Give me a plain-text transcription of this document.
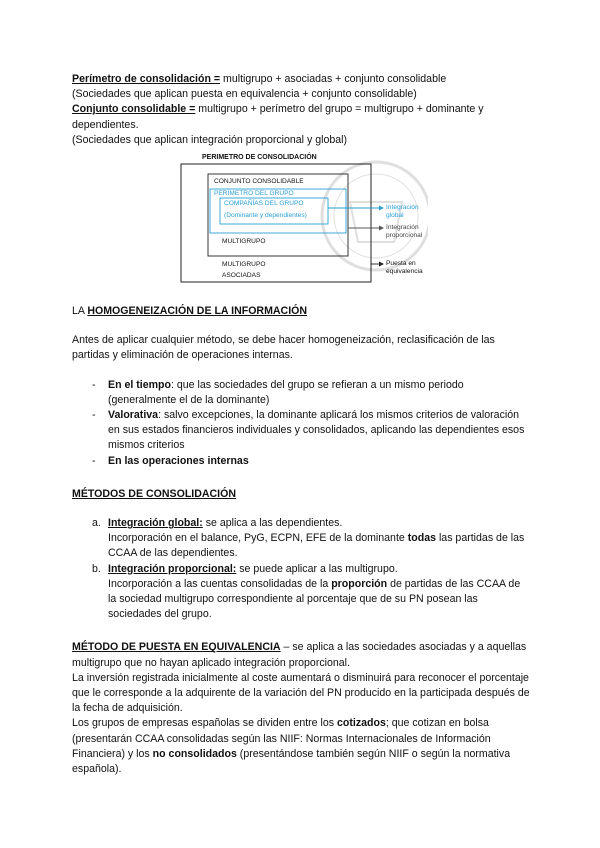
Perímetro de consolidación = multigrupo + asociadas + conjunto consolidable

(Sociedades que aplican puesta en equivalencia + conjunto consolidable)

Conjunto consolidable = multigrupo + perímetro del grupo = multigrupo + dominante y dependientes.

(Sociedades que aplican integración proporcional y global)

PERIMETRO DE CONSOLIDACIÓN
CONJUNTO CONSOLIDABLE
PERIMETRO DEL GRUPO
COMPAÑÍAS DEL GRUPO
(Dominante y dependientes)
MULTIGRUPO
MULTIGRUPO
ASOCIADAS
Integración global
Integración proporcional
Puesta en equivalencia

LA HOMOGENEIZACIÓN DE LA INFORMACIÓN

Antes de aplicar cualquier método, se debe hacer homogeneización, reclasificación de las partidas y eliminación de operaciones internas.

- En el tiempo: que las sociedades del grupo se refieran a un mismo periodo (generalmente el de la dominante)
- Valorativa: salvo excepciones, la dominante aplicará los mismos criterios de valoración en sus estados financieros individuales y consolidados, aplicando las dependientes esos mismos criterios
- En las operaciones internas

MÉTODOS DE CONSOLIDACIÓN

a. Integración global: se aplica a las dependientes.
Incorporación en el balance, PyG, ECPN, EFE de la dominante todas las partidas de las CCAA de las dependientes.
b. Integración proporcional: se puede aplicar a las multigrupo.
Incorporación a las cuentas consolidadas de la proporción de partidas de las CCAA de la sociedad multigrupo correspondiente al porcentaje que de su PN posean las sociedades del grupo.

MÉTODO DE PUESTA EN EQUIVALENCIA – se aplica a las sociedades asociadas y a aquellas multigrupo que no hayan aplicado integración proporcional.

La inversión registrada inicialmente al coste aumentará o disminuirá para reconocer el porcentaje que le corresponde a la adquirente de la variación del PN producido en la participada después de la fecha de adquisición.

Los grupos de empresas españolas se dividen entre los cotizados; que cotizan en bolsa (presentarán CCAA consolidadas según las NIIF: Normas Internacionales de Información Financiera) y los no consolidados (presentándose también según NIIF o según la normativa española).
